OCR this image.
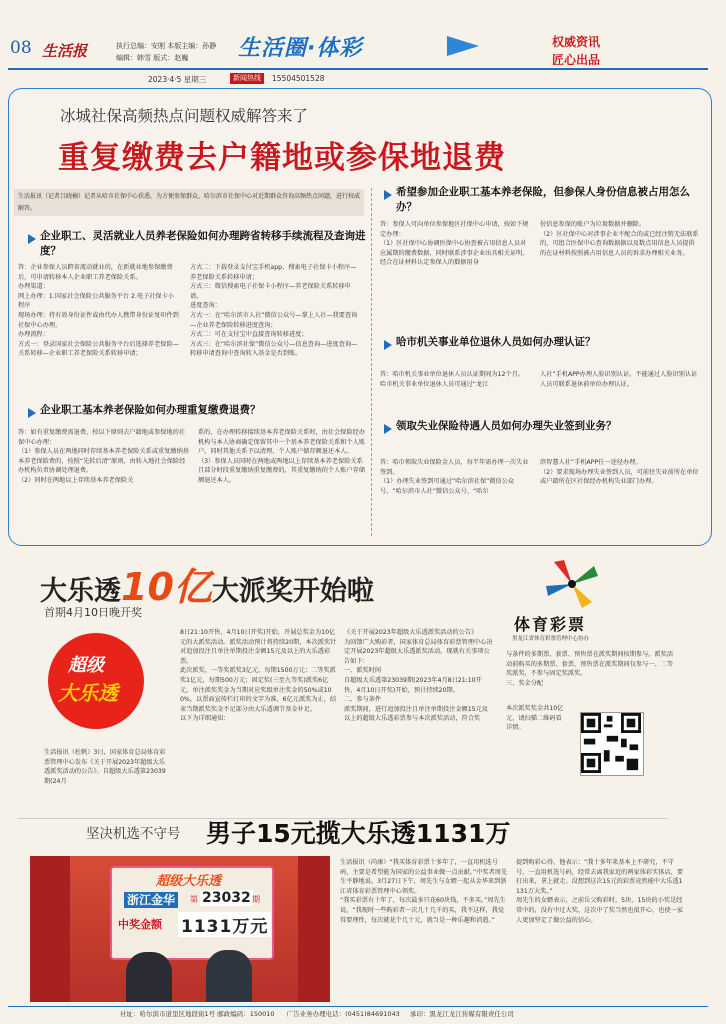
08 生活报	执行总编：安刚 本版主编：孙静
编辑：韩雪 版式：赵巍 生活圈·体彩	权威资讯
匠心出品
2023·4·5 星期三	新闻热线	15504501528
冰城社保高频热点问题权威解答来了
重复缴费去户籍地或参保地退费
生活报讯（记者吕晓楠）记者从哈市社保中心获悉，为方便参保群众，哈尔滨市社保中心对近期群众咨询高频热点问题，进行权威解答。
企业职工、灵活就业人员养老保险如何办理跨省转移手续流程及查询进度？
答：企业参保人员跨省流动就业的，在新就业地参保缴费后，可申请转移本人企业职工养老保险关系。
办理渠道：
网上办理：1.国家社会保险公共服务平台 2.电子社保卡小程序
现场办理：持有效身份证件或由代办人携带身份证复印件到社保中心办理。
办理流程：
方式一：登录国家社会保险公共服务平台后选择养老保险—关系转移—企业职工养老保险关系转移申请；
方式二：下载登录支付宝手机app，搜索电子社保卡小程序—养老保险关系转移申请；
方式三：微信搜索电子社保卡小程序—养老保险关系转移申请。
进度查询：
方式一：在“哈尔滨市人社”微信公众号—掌上人社—我要查询—企业养老保险转移进度查询；
方式二：可在支付宝中直接查询转移进度；
方式三：在“哈尔滨社保”微信公众号—信息查询—进度查询—转移申请查询中查询转入基金是否到账。
企业职工基本养老保险如何办理重复缴费退费？
答：如有重复缴费需退费，按以下原则去户籍地或参保地的社保中心办理：
（1）参保人员在两地同时存续基本养老保险关系或重复缴纳基本养老保险费的，按照“先转后清”原则，由转入地社会保险经办机构负责协调处理退费。
（2）同时在两地以上存续基本养老保险关
系的，在办理转移接续基本养老保险关系时，由社会保险经办机构与本人协商确定保留其中一个基本养老保险关系和个人账户，同时其他关系予以清理，个人账户储存额退还本人。
（3）参保人员同时在两地或两地以上存续基本养老保险关系且部分时段重复缴纳重复缴费的，其重复缴纳的个人账户存储额退还本人。
希望参加企业职工基本养老保险，但参保人身份信息被占用怎么办？
答：参保人可向单位参保地区社保中心申请，按如下规定办理：
（1）区社保中心协调医保中心协查被占用信息人员对应属期的缴费数据，同时联系涉事企业出具相关证明。经合在证材料认定参保人的数据用身
份信息参保的账户为垃圾数据并删除。
（2）区社保中心对涉事企业不配合的或已经注销无法联系的，可组合医保中心查询数据据以及数点用信息人员提供的在证材料按照被占用信息人员的诉求办理相关业务。
哈市机关事业单位退休人员如何办理认证？
答：哈市机关事业单位退休人员认证期间为12个月。哈市机关事业单位退休人员可通过“龙江
人社”手机APP办理人脸识别认证，不能通过人脸识别认证人员可联系退休前单位办理认证。
领取失业保险待遇人员如何办理失业签到业务？
答：哈市领取失业保险金人员，每半年需办理一次失业签到。
（1）办理失业签到可通过“哈尔滨社保”微信公众号、“哈尔滨市人社”微信公众号、“哈尔
滨智慧人社”手机APP任一途径办理。
（2）要求现场办理失业签到人员，可前往失业前所在单位或户籍所在区社保经办机构失业部门办理。
大乐透10亿大派奖开始啦
首期4月10日晚开奖
体育彩票
黑龙江省体育彩票管理中心协办
超级
大乐透
生活报讯（杜帆）3日，国家体育总局体育彩票管理中心发布《关于开展2023年超级大乐透派奖活动的公告》。自超级大乐透第23039期(24月
8日21:10开售，4月10日开奖)开始，开展总奖金为10亿元的大派奖活动。派奖活动预计将持续20期，本次派奖针对追加投注且单注单期投注金额15元及以上的大乐透彩票。
此次派奖，一等奖派奖3亿元，每期1500万元；二等奖派奖1亿元，每期500万元；固定奖(三至九等奖)派奖6亿元，单注派奖奖金为当期对应奖级单注奖金的50%或100%，以票面宣传栏打印的文字为准，6亿元派奖为止，结束当期派奖奖金不足部分由大乐透调节基金补足。
以下为详细通知：
《关于开展2023年超级大乐透派奖活动的公告》
为回馈广大购彩者，国家体育总局体育彩票管理中心决定开展2023年超级大乐透派奖活动。现就有关事项公告如下：
一、派奖时间
自超级大乐透第23039期(2023年4月8日21:10开售，4月10日开奖)开始，预计持续20期。
二、参与条件
派奖期间，进行追加投注且单注单期投注金额15元及以上的超级大乐透彩票参与本次派奖活动，符合奖
与条件的多期票、套票、预售票在派奖期间按期参与。派奖活动前购买的多期票、套票、预售票在派奖期间仅参与一、二等奖派奖，不参与固定奖派奖。
三、奖金分配
本次派奖奖金共10亿元，请扫描二维码看详情。
坚决机选不守号 男子15元揽大乐透1131万
超级大乐透
浙江金华	第 23032 期
中奖金额 1131万元
生活报讯（尚康）“我买体育彩票十多年了，一直用机选号码，主要是希望能为国家的公益事业做一点贡献。”中奖者周先生平静地说。3月27日下午，周先生与女婿一起从金华来到浙江省体育彩票管理中心领奖。
“我买彩票有十年了，每次最多只花60块钱，不多买。”周先生说，“我现时一些购彩者一次几十几千的买，我不这样，我觉得要理性，每次就花个几十元，就当是一种乐趣和消遣。”
提到购彩心得，他表示：“我十多年来基本上不研究，不守号，一直用机选号码，经常去离我家近的两家体彩实体店，要打出来，拿上就走。没想到这次15元的彩票竟然能中大乐透1131万大奖。”
周先生的女婿表示，之前岳父购彩时，5块、15块的小奖是经常中的，没有中过大奖，这次中了奖当然也很开心，也使一家人更加坚定了做公益的信心。
社址：哈尔滨市道里区地段街1号 邮政编码：150010 广告业务办理电话：(0451)84691043 承印：黑龙江龙江传媒有限责任公司
